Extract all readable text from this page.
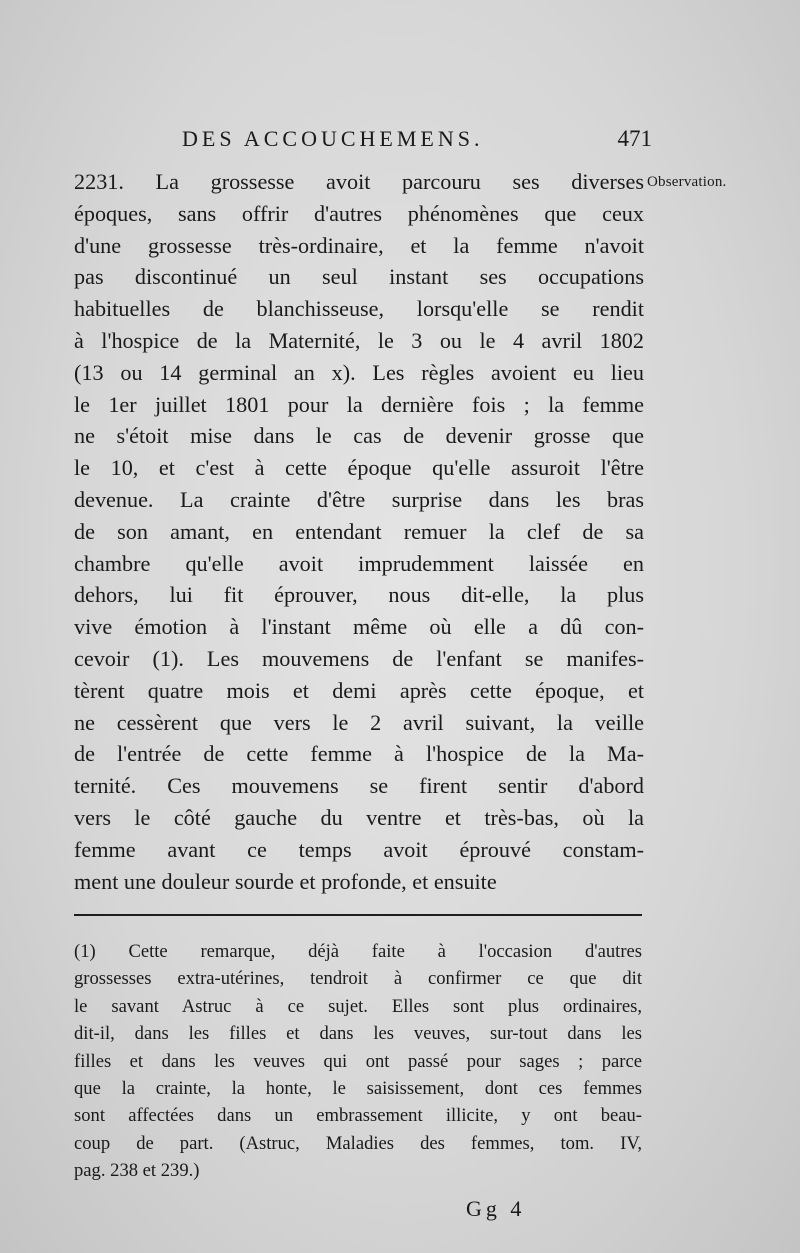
DES ACCOUCHEMENS.	471
Observation.
2231. La grossesse avoit parcouru ses diverses
époques, sans offrir d'autres phénomènes que ceux
d'une grossesse très-ordinaire, et la femme n'avoit
pas discontinué un seul instant ses occupations
habituelles de blanchisseuse, lorsqu'elle se rendit
à l'hospice de la Maternité, le 3 ou le 4 avril 1802
(13 ou 14 germinal an x). Les règles avoient eu lieu
le 1er juillet 1801 pour la dernière fois ; la femme
ne s'étoit mise dans le cas de devenir grosse que
le 10, et c'est à cette époque qu'elle assuroit l'être
devenue. La crainte d'être surprise dans les bras
de son amant, en entendant remuer la clef de sa
chambre qu'elle avoit imprudemment laissée en
dehors, lui fit éprouver, nous dit-elle, la plus
vive émotion à l'instant même où elle a dû con-
cevoir (1). Les mouvemens de l'enfant se manifes-
tèrent quatre mois et demi après cette époque, et
ne cessèrent que vers le 2 avril suivant, la veille
de l'entrée de cette femme à l'hospice de la Ma-
ternité. Ces mouvemens se firent sentir d'abord
vers le côté gauche du ventre et très-bas, où la
femme avant ce temps avoit éprouvé constam-
ment une douleur sourde et profonde, et ensuite
(1) Cette remarque, déjà faite à l'occasion d'autres
grossesses extra-utérines, tendroit à confirmer ce que dit
le savant Astruc à ce sujet. Elles sont plus ordinaires,
dit-il, dans les filles et dans les veuves, sur-tout dans les
filles et dans les veuves qui ont passé pour sages ; parce
que la crainte, la honte, le saisissement, dont ces femmes
sont affectées dans un embrassement illicite, y ont beau-
coup de part. (Astruc, Maladies des femmes, tom. IV,
pag. 238 et 239.)
Gg 4
